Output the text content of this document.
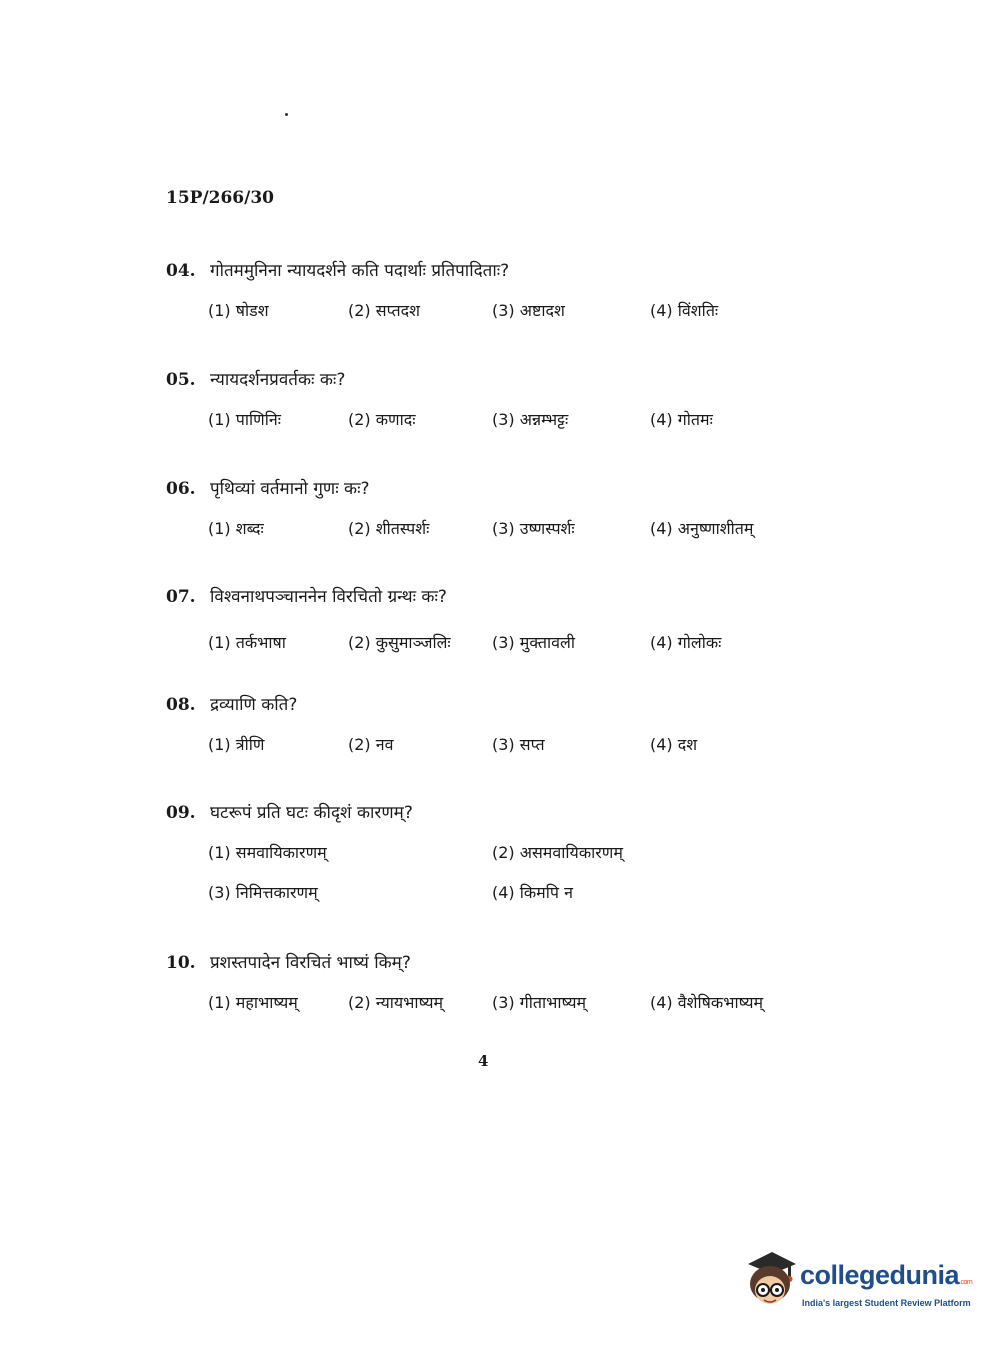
15P/266/30
04. गोतममुनिना न्यायदर्शने कति पदार्थाः प्रतिपादिताः?
(1) षोडश	(2) सप्तदश	(3) अष्टादश	(4) विंशतिः
05. न्यायदर्शनप्रवर्तकः कः?
(1) पाणिनिः	(2) कणादः	(3) अन्नम्भट्टः	(4) गोतमः
06. पृथिव्यां वर्तमानो गुणः कः?
(1) शब्दः	(2) शीतस्पर्शः	(3) उष्णस्पर्शः	(4) अनुष्णाशीतम्
07. विश्वनाथपञ्चाननेन विरचितो ग्रन्थः कः?
(1) तर्कभाषा	(2) कुसुमाञ्जलिः	(3) मुक्तावली	(4) गोलोकः
08. द्रव्याणि कति?
(1) त्रीणि	(2) नव	(3) सप्त	(4) दश
09. घटरूपं प्रति घटः कीदृशं कारणम्?
(1) समवायिकारणम्	(2) असमवायिकारणम्
(3) निमित्तकारणम्	(4) किमपि न
10. प्रशस्तपादेन विरचितं भाष्यं किम्?
(1) महाभाष्यम्	(2) न्यायभाष्यम्	(3) गीताभाष्यम्	(4) वैशेषिकभाष्यम्
4
collegedunia.com
India's largest Student Review Platform
